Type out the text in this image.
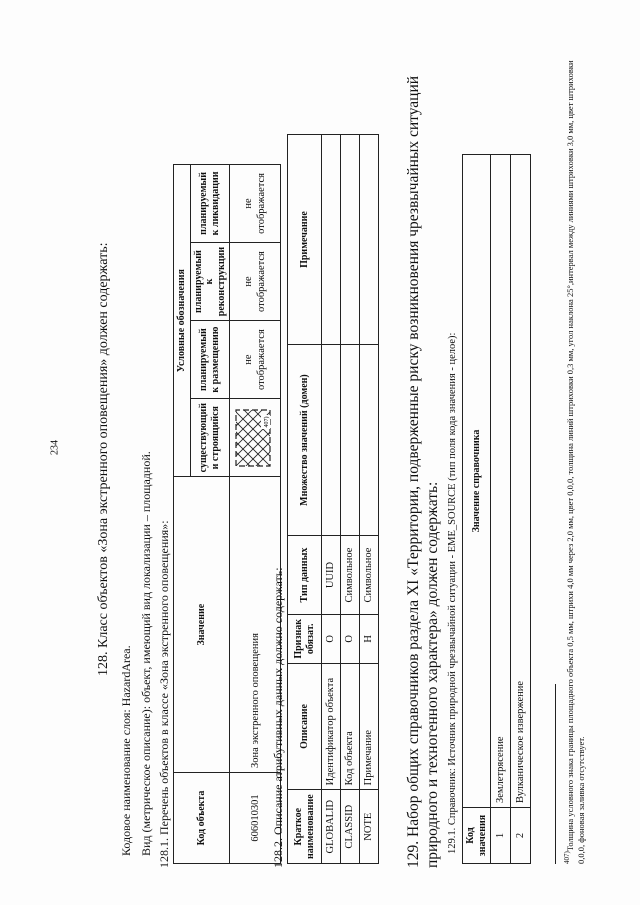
234	128. Класс объектов «Зона экстренного оповещения» должен содержать:
Кодовое наименование слоя: HazardArea. Вид (метрическое описание): объект, имеющий вид локализации – площадной. 128.1. Перечень объектов в классе «Зона экстренного оповещения»: Код объекта	Значение	Условные обозначения			
		существующий и строящийся	планируемый к размещению	планируемый к реконструкции	планируемый к ликвидации
606010301	Зона экстренного оповещения	407)	не отображается	не отображается	не отображается
128.2. Описание атрибутивных данных должно содержать: Краткое наименование	Описание	Признак обязат.	Тип данных	Множество значений (домен)	Примечание
GLOBALID	Идентификатор объекта	О	UUID		
CLASSID	Код объекта	О	Символьное		
NOTE	Примечание	Н	Символьное		129. Набор общих справочников раздела XI «Территории, подверженные риску возникновения чрезвычайных ситуаций природного и техногенного характера» должен содержать: 129.1. Справочник: Источник природной чрезвычайной ситуации - EME_SOURCE (тип поля кода значения - целое): Код значения	Значение справочника
1	Землетрясение
2	Вулканическое извержение
$^{407)}$Толщина условного знака границы площадного объекта 0,5 мм, штрихи 4,0 мм через 2,0 мм, цвет 0,0,0, толщина линий штриховки 0,3 мм, угол наклона 25°,интервал между линиями штриховки 3,0 мм, цвет штриховки 0,0,0, фоновая заливка отсутствует.
